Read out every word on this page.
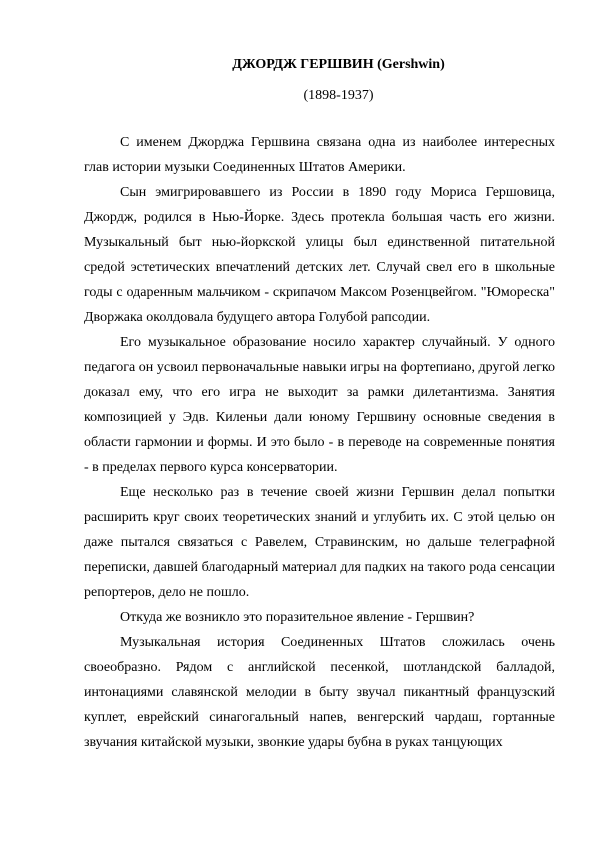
ДЖОРДЖ ГЕРШВИН (Gershwin)
(1898-1937)

С именем Джорджа Гершвина связана одна из наиболее интересных глав истории музыки Соединенных Штатов Америки.

Сын эмигрировавшего из России в 1890 году Мориса Гершовица, Джордж, родился в Нью-Йорке. Здесь протекла большая часть его жизни. Музыкальный быт нью-йоркской улицы был единственной питательной средой эстетических впечатлений детских лет. Случай свел его в школьные годы с одаренным мальчиком - скрипачом Максом Розенцвейгом. "Юмореска" Дворжака околдовала будущего автора Голубой рапсодии.

Его музыкальное образование носило характер случайный. У одного педагога он усвоил первоначальные навыки игры на фортепиано, другой легко доказал ему, что его игра не выходит за рамки дилетантизма. Занятия композицией у Эдв. Киленьи дали юному Гершвину основные сведения в области гармонии и формы. И это было - в переводе на современные понятия - в пределах первого курса консерватории.

Еще несколько раз в течение своей жизни Гершвин делал попытки расширить круг своих теоретических знаний и углубить их. С этой целью он даже пытался связаться с Равелем, Стравинским, но дальше телеграфной переписки, давшей благодарный материал для падких на такого рода сенсации репортеров, дело не пошло.

Откуда же возникло это поразительное явление - Гершвин?

Музыкальная история Соединенных Штатов сложилась очень своеобразно. Рядом с английской песенкой, шотландской балладой, интонациями славянской мелодии в быту звучал пикантный французский куплет, еврейский синагогальный напев, венгерский чардаш, гортанные звучания китайской музыки, звонкие удары бубна в руках танцующих
